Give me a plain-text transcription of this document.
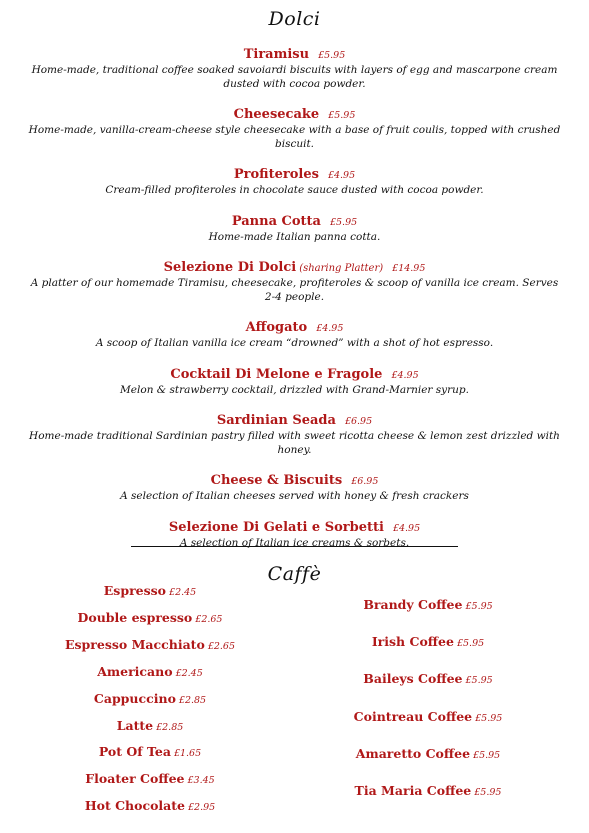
Dolci
Tiramisu £5.95
Home-made, traditional coffee soaked savoiardi biscuits with layers of egg and mascarpone cream dusted with cocoa powder.
Cheesecake £5.95
Home-made, vanilla-cream-cheese style cheesecake with a base of fruit coulis, topped with crushed biscuit.
Profiteroles £4.95
Cream-filled profiteroles in chocolate sauce dusted with cocoa powder.
Panna Cotta £5.95
Home-made Italian panna cotta.
Selezione Di Dolci (sharing Platter) £14.95
A platter of our homemade Tiramisu, cheesecake, profiteroles & scoop of vanilla ice cream. Serves 2-4 people.
Affogato £4.95
A scoop of Italian vanilla ice cream “drowned” with a shot of hot espresso.
Cocktail Di Melone e Fragole £4.95
Melon & strawberry cocktail, drizzled with Grand-Marnier syrup.
Sardinian Seada £6.95
Home-made traditional Sardinian pastry filled with sweet ricotta cheese & lemon zest drizzled with honey.
Cheese & Biscuits £6.95
A selection of Italian cheeses served with honey & fresh crackers
Selezione Di Gelati e Sorbetti £4.95
A selection of Italian ice creams & sorbets.
Caffè
Espresso £2.45
Double espresso £2.65
Espresso Macchiato £2.65
Americano £2.45
Cappuccino £2.85
Latte £2.85
Pot Of Tea £1.65
Floater Coffee £3.45
Hot Chocolate £2.95
Brandy Coffee £5.95
Irish Coffee £5.95
Baileys Coffee £5.95
Cointreau Coffee £5.95
Amaretto Coffee £5.95
Tia Maria Coffee £5.95
